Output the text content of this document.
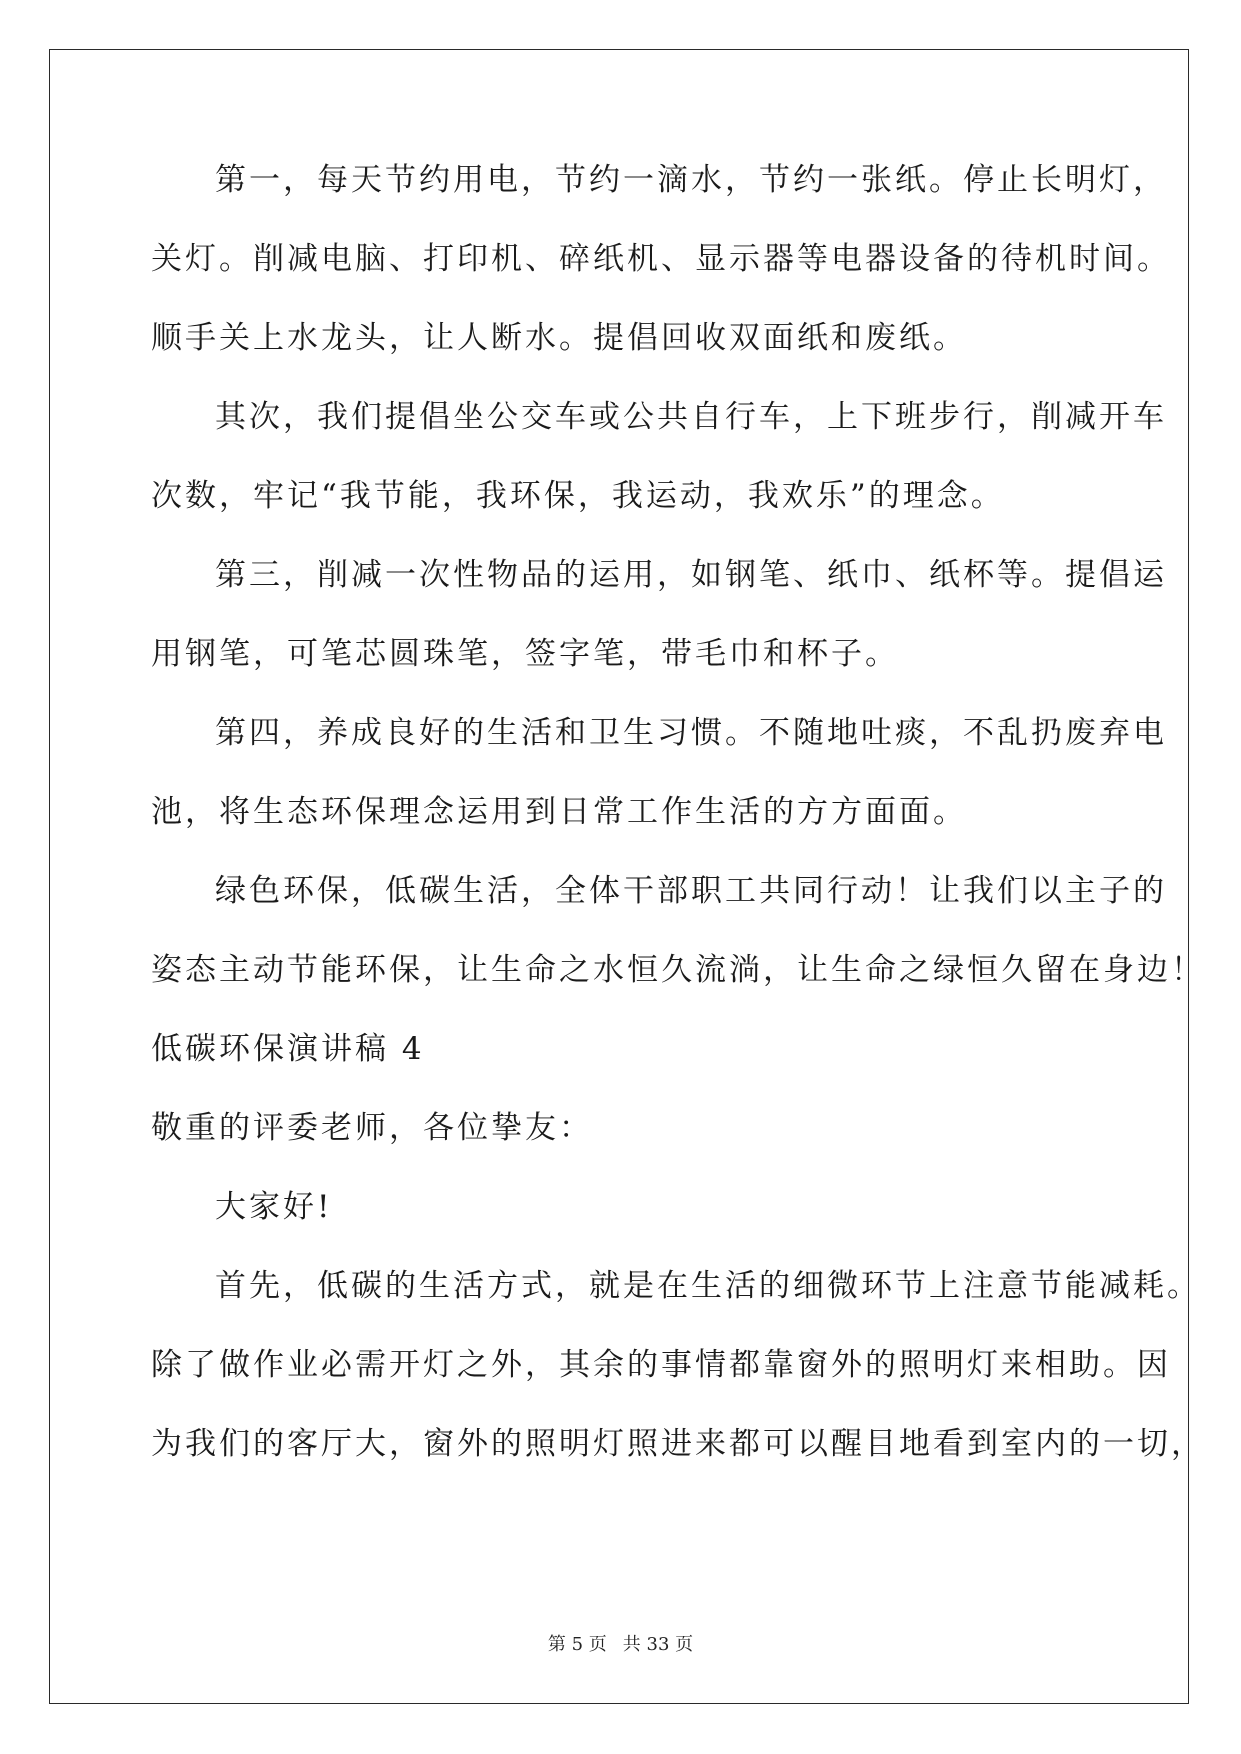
第一，每天节约用电，节约一滴水，节约一张纸。停止长明灯，
关灯。削减电脑、打印机、碎纸机、显示器等电器设备的待机时间。
顺手关上水龙头，让人断水。提倡回收双面纸和废纸。
其次，我们提倡坐公交车或公共自行车，上下班步行，削减开车
次数，牢记“我节能，我环保，我运动，我欢乐”的理念。
第三，削减一次性物品的运用，如钢笔、纸巾、纸杯等。提倡运
用钢笔，可笔芯圆珠笔，签字笔，带毛巾和杯子。
第四，养成良好的生活和卫生习惯。不随地吐痰，不乱扔废弃电
池，将生态环保理念运用到日常工作生活的方方面面。
绿色环保，低碳生活，全体干部职工共同行动！让我们以主子的
姿态主动节能环保，让生命之水恒久流淌，让生命之绿恒久留在身边！
低碳环保演讲稿 4
敬重的评委老师，各位挚友：
大家好!
首先，低碳的生活方式，就是在生活的细微环节上注意节能减耗。
除了做作业必需开灯之外，其余的事情都靠窗外的照明灯来相助。因
为我们的客厅大，窗外的照明灯照进来都可以醒目地看到室内的一切，
第 5 页 共 33 页
